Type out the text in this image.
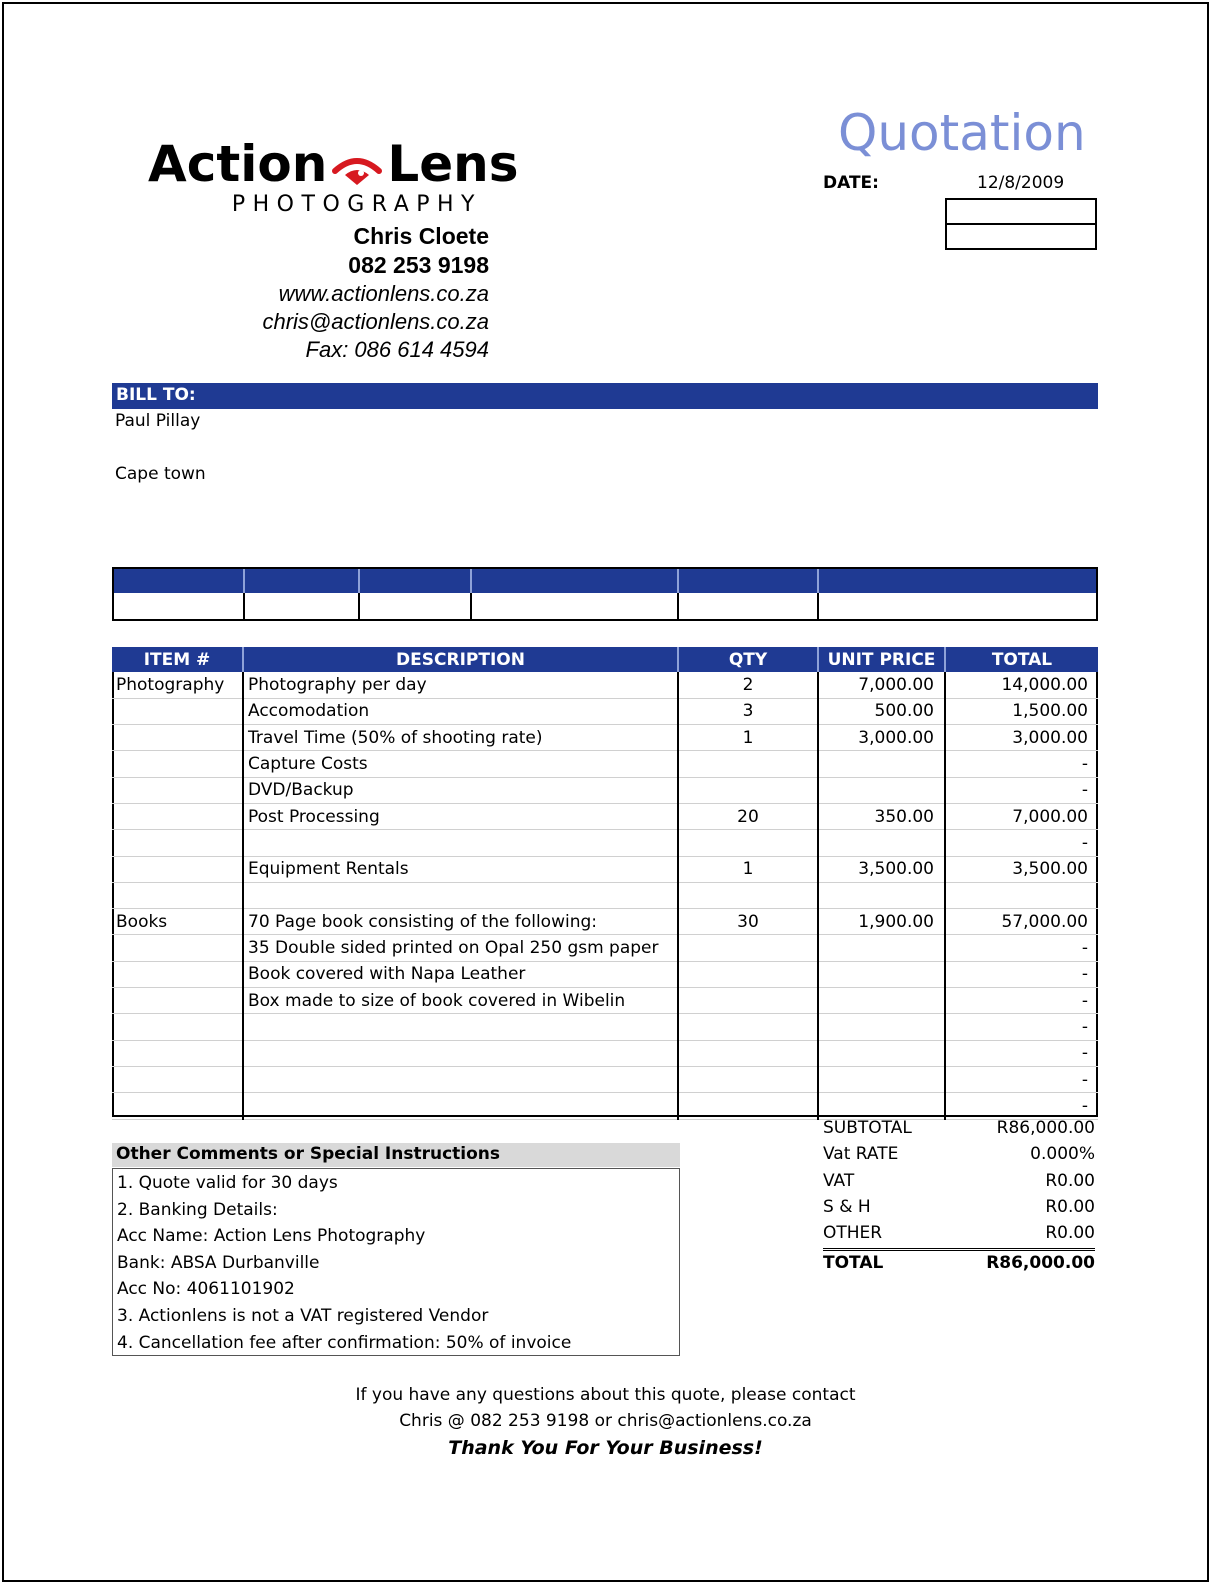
Action Lens
PHOTOGRAPHY
Chris Cloete
082 253 9198
www.actionlens.co.za
chris@actionlens.co.za
Fax: 086 614 4594
Quotation
DATE:	12/8/2009
BILL TO:
Paul Pillay
Cape town
ITEM #	DESCRIPTION	QTY	UNIT PRICE	TOTAL
Photography	Photography per day	2	7,000.00	14,000.00
	Accomodation	3	500.00	1,500.00
	Travel Time (50% of shooting rate)	1	3,000.00	3,000.00
	Capture Costs			-
	DVD/Backup			-
	Post Processing	20	350.00	7,000.00
				-
	Equipment Rentals	1	3,500.00	3,500.00

Books	70 Page book consisting of the following:	30	1,900.00	57,000.00
	35 Double sided printed on Opal 250 gsm paper			-
	Book covered with Napa Leather			-
	Box made to size of book covered in Wibelin			-
				-
				-
				-
				-
SUBTOTAL	R86,000.00
Vat RATE	0.000%
VAT	R0.00
S & H	R0.00
OTHER	R0.00
TOTAL	R86,000.00
Other Comments or Special Instructions
1. Quote valid for 30 days
2. Banking Details:
Acc Name: Action Lens Photography
Bank: ABSA Durbanville
Acc No: 4061101902
3. Actionlens is not a VAT registered Vendor
4. Cancellation fee after confirmation: 50% of invoice
If you have any questions about this quote, please contact
Chris @ 082 253 9198 or chris@actionlens.co.za
Thank You For Your Business!
